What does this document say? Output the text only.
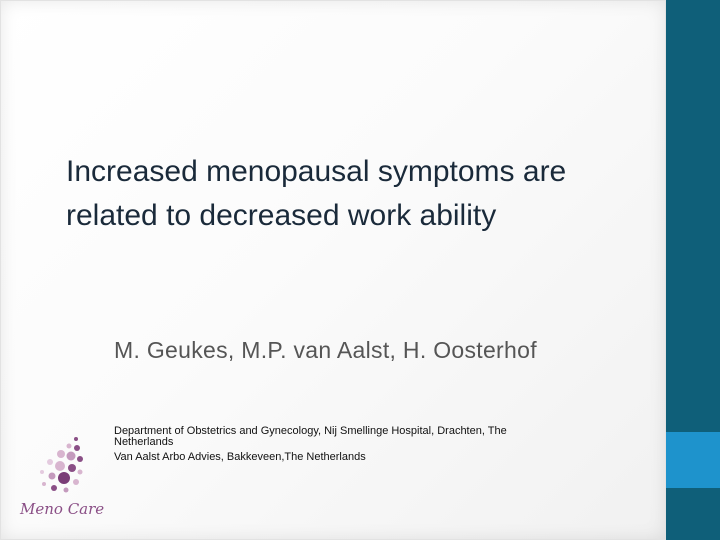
Increased menopausal symptoms are related to decreased work ability
M. Geukes, M.P. van Aalst, H. Oosterhof
Department of Obstetrics and Gynecology, Nij Smellinge Hospital, Drachten, The Netherlands
Van Aalst Arbo Advies, Bakkeveen,The Netherlands
Meno Care
